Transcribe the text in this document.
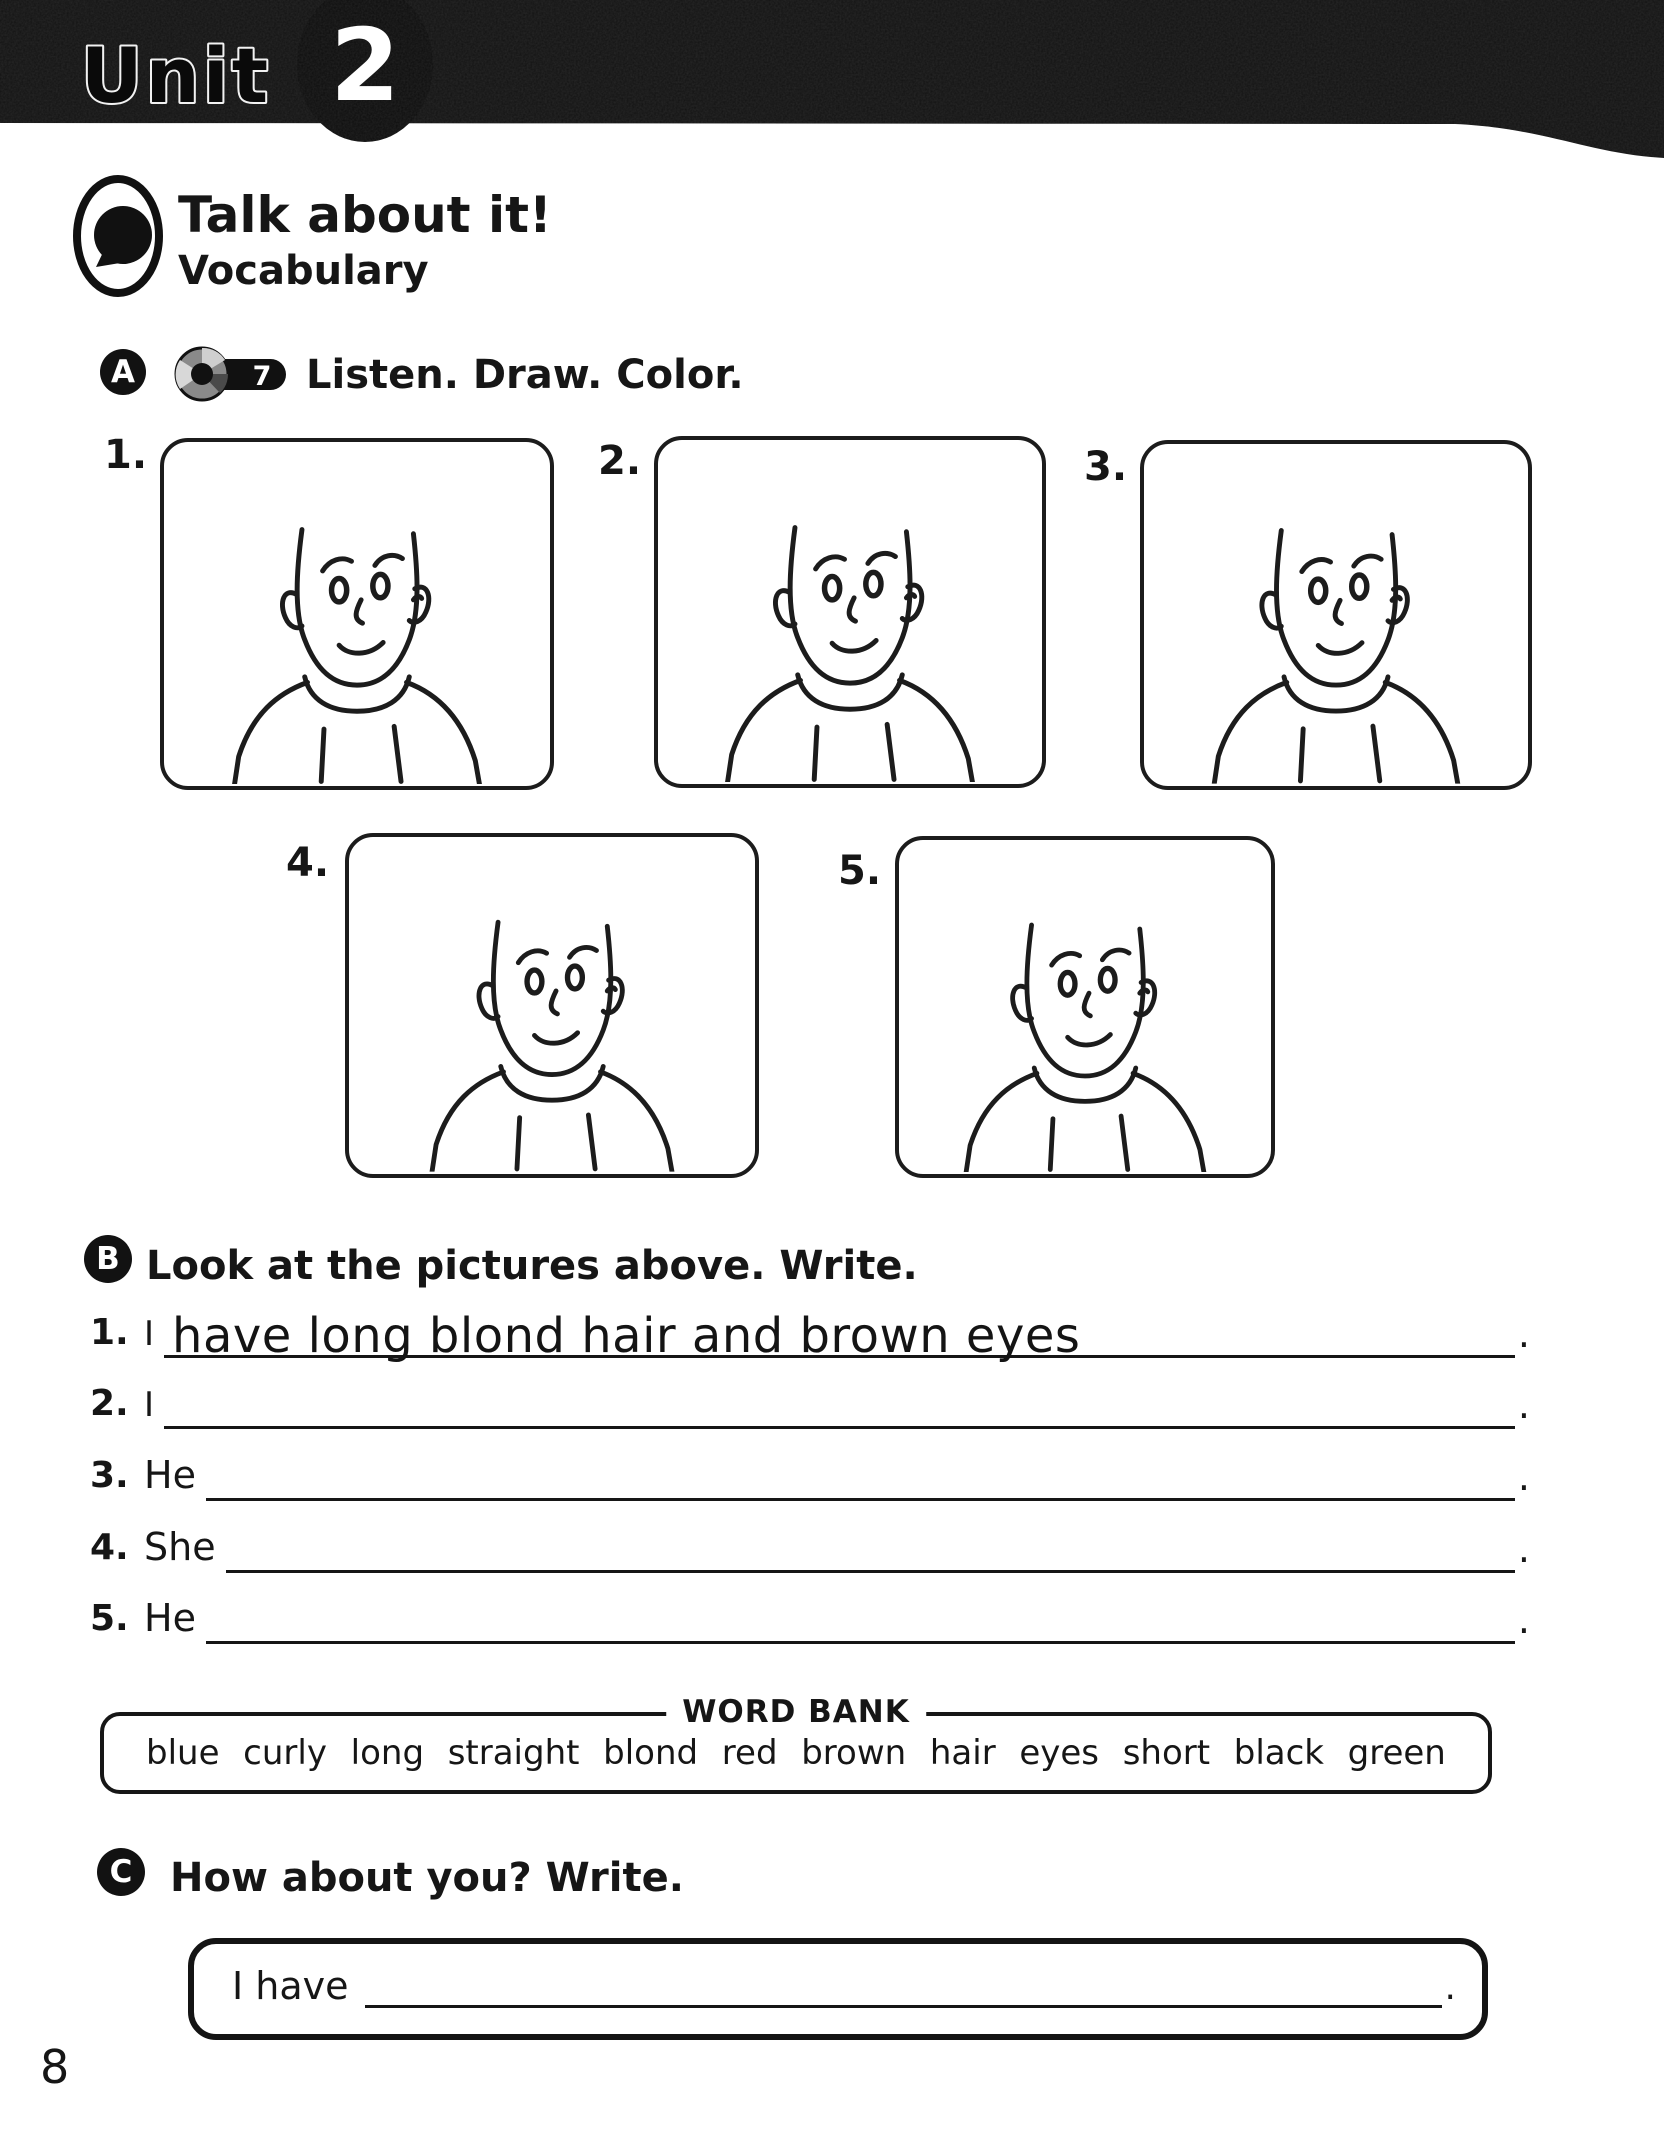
Unit 2
Talk about it!
Vocabulary
A	7 Listen. Draw. Color.
1.	2.	3.
4.	5.
B Look at the pictures above. Write.
1. I have long blond hair and brown eyes	.
2. I	.
3. He	.
4. She	.
5. He	.
WORD BANK
blue curly long straight blond red brown hair eyes short black green
C How about you? Write.
I have	.
8
